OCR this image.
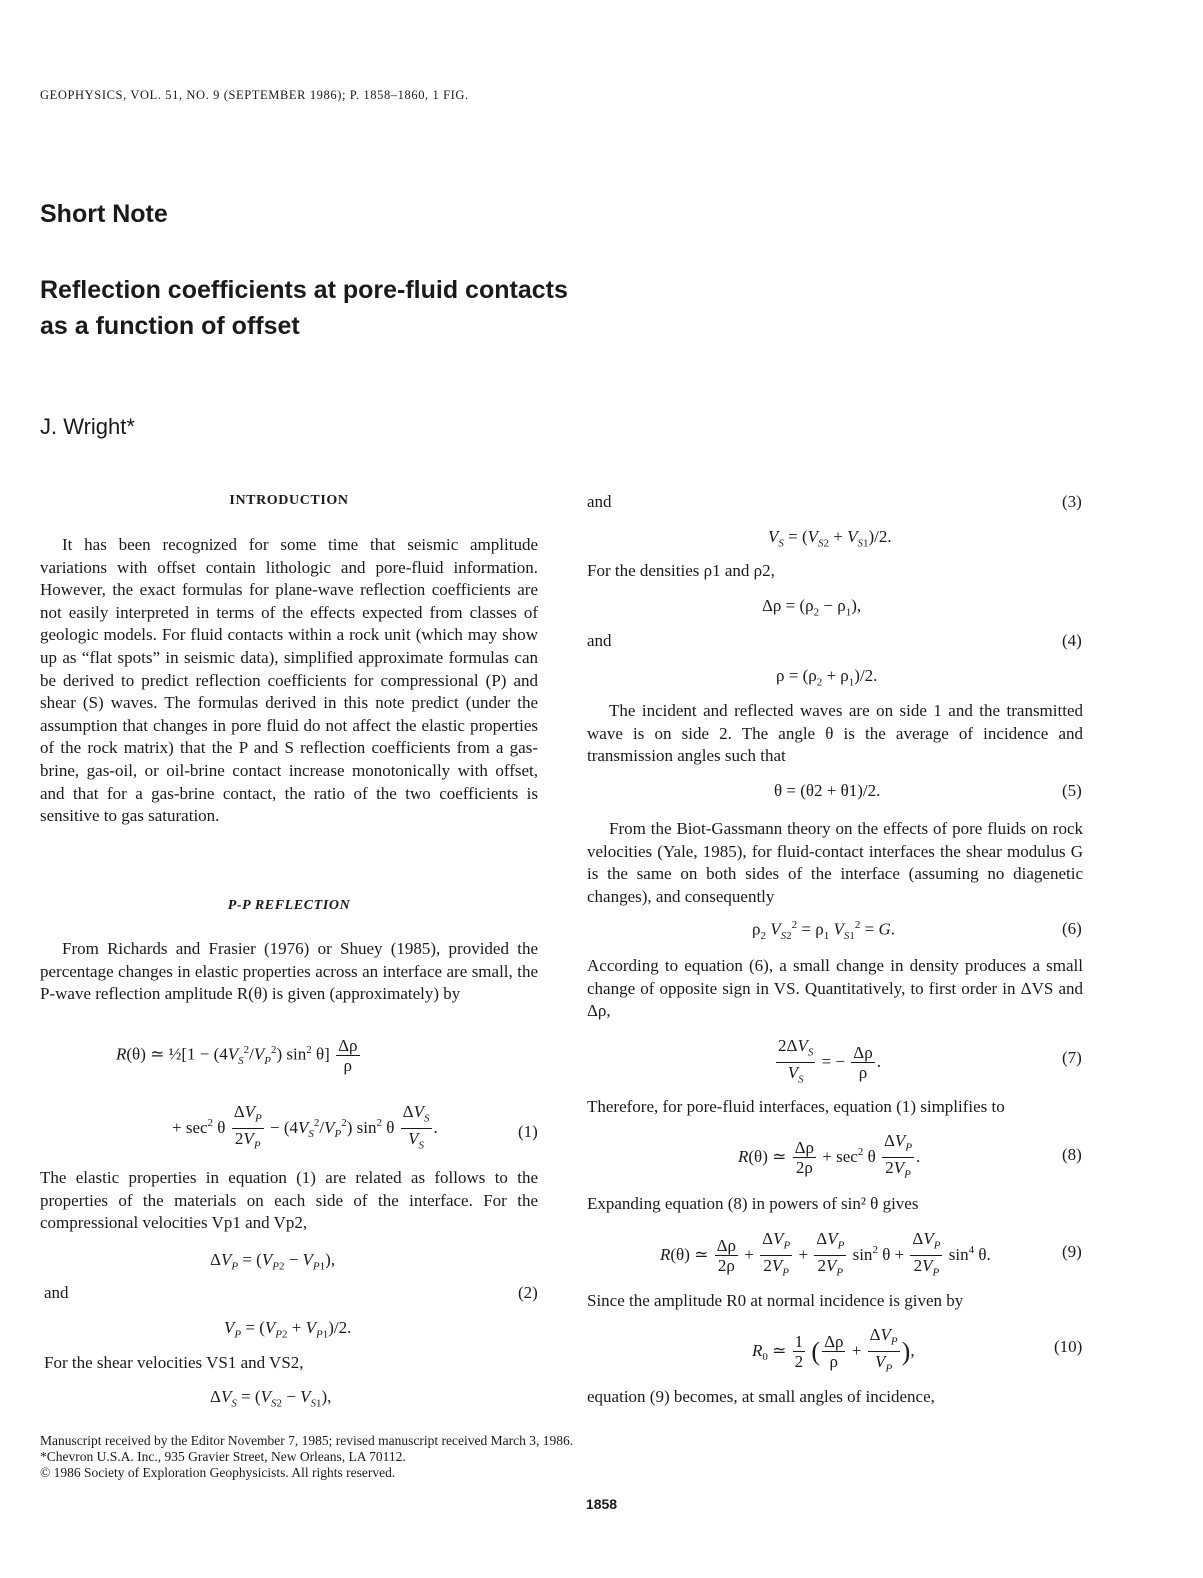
GEOPHYSICS, VOL. 51, NO. 9 (SEPTEMBER 1986); P. 1858–1860, 1 FIG.
Short Note
Reflection coefficients at pore-fluid contacts
as a function of offset
J. Wright*
INTRODUCTION

It has been recognized for some time that seismic amplitude variations with offset contain lithologic and pore-fluid information. However, the exact formulas for plane-wave reflection coefficients are not easily interpreted in terms of the effects expected from classes of geologic models. For fluid contacts within a rock unit (which may show up as “flat spots” in seismic data), simplified approximate formulas can be derived to predict reflection coefficients for compressional (P) and shear (S) waves. The formulas derived in this note predict (under the assumption that changes in pore fluid do not affect the elastic properties of the rock matrix) that the P and S reflection coefficients from a gas-brine, gas-oil, or oil-brine contact increase monotonically with offset, and that for a gas-brine contact, the ratio of the two coefficients is sensitive to gas saturation.

P-P REFLECTION

From Richards and Frasier (1976) or Shuey (1985), provided the percentage changes in elastic properties across an interface are small, the P-wave reflection amplitude R(θ) is given (approximately) by

R(θ) ≃ ½[1 − $(4V_S^2/V_P^2)$ $\sin^2 \theta] \frac{\Delta\rho}{\rho}$
+ $\sec^2 \theta \frac{\Delta V_P}{2V_P} - (4V_S^2/V_P^2)$ $\sin^2 \theta \frac{\Delta V_S}{V_S}$ .	(1)

The elastic properties in equation (1) are related as follows to the properties of the materials on each side of the interface. For the compressional velocities Vp1 and Vp2,

$\Delta V_P = (V_{P2} - V_{P1})$,
and	(2)
$V_P = (V_{P2} + V_{P1})/2$.
For the shear velocities VS1 and VS2,
$\Delta V_S = (V_{S2} - V_{S1})$,
and	(3)
$V_S = (V_{S2} + V_{S1})/2$.
For the densities ρ1 and ρ2,
$\Delta\rho = (\rho_2 - \rho_1)$,
and	(4)
$\rho = (\rho_2 + \rho_1)/2$.

The incident and reflected waves are on side 1 and the transmitted wave is on side 2. The angle θ is the average of incidence and transmission angles such that

θ = (θ2 + θ1)/2.	(5)

From the Biot-Gassmann theory on the effects of pore fluids on rock velocities (Yale, 1985), for fluid-contact interfaces the shear modulus G is the same on both sides of the interface (assuming no diagenetic changes), and consequently

$\rho_2$ $V_{S2}^2 = \rho_1$ $V_{S1}^2 = G$.	(6)

According to equation (6), a small change in density produces a small change of opposite sign in VS. Quantitatively, to first order in ΔVS and Δρ,

$\frac{2\Delta V_S}{V_S}$ = − $\frac{\Delta\rho}{\rho}$ .	(7)
Therefore, for pore-fluid interfaces, equation (1) simplifies to
R(θ) ≃ $\frac{\Delta\rho}{2\rho} + \sec^2 \theta \frac{\Delta V_P}{2V_P}$ .	(8)
Expanding equation (8) in powers of sin² θ gives
R(θ) ≃ $\frac{\Delta\rho}{2\rho} + \frac{\Delta V_P}{2V_P} + \frac{\Delta V_P}{2V_P} \sin^2 \theta + \frac{\Delta V_P}{2V_P} \sin^4 \theta$.	(9)
Since the amplitude R0 at normal incidence is given by
$R_0$ ≃ $\frac{1}{2}$ ( $\frac{\Delta\rho}{\rho} + \frac{\Delta V_P}{V_P}$ ),	(10)
equation (9) becomes, at small angles of incidence,
Manuscript received by the Editor November 7, 1985; revised manuscript received March 3, 1986.
*Chevron U.S.A. Inc., 935 Gravier Street, New Orleans, LA 70112.
© 1986 Society of Exploration Geophysicists. All rights reserved.
1858
